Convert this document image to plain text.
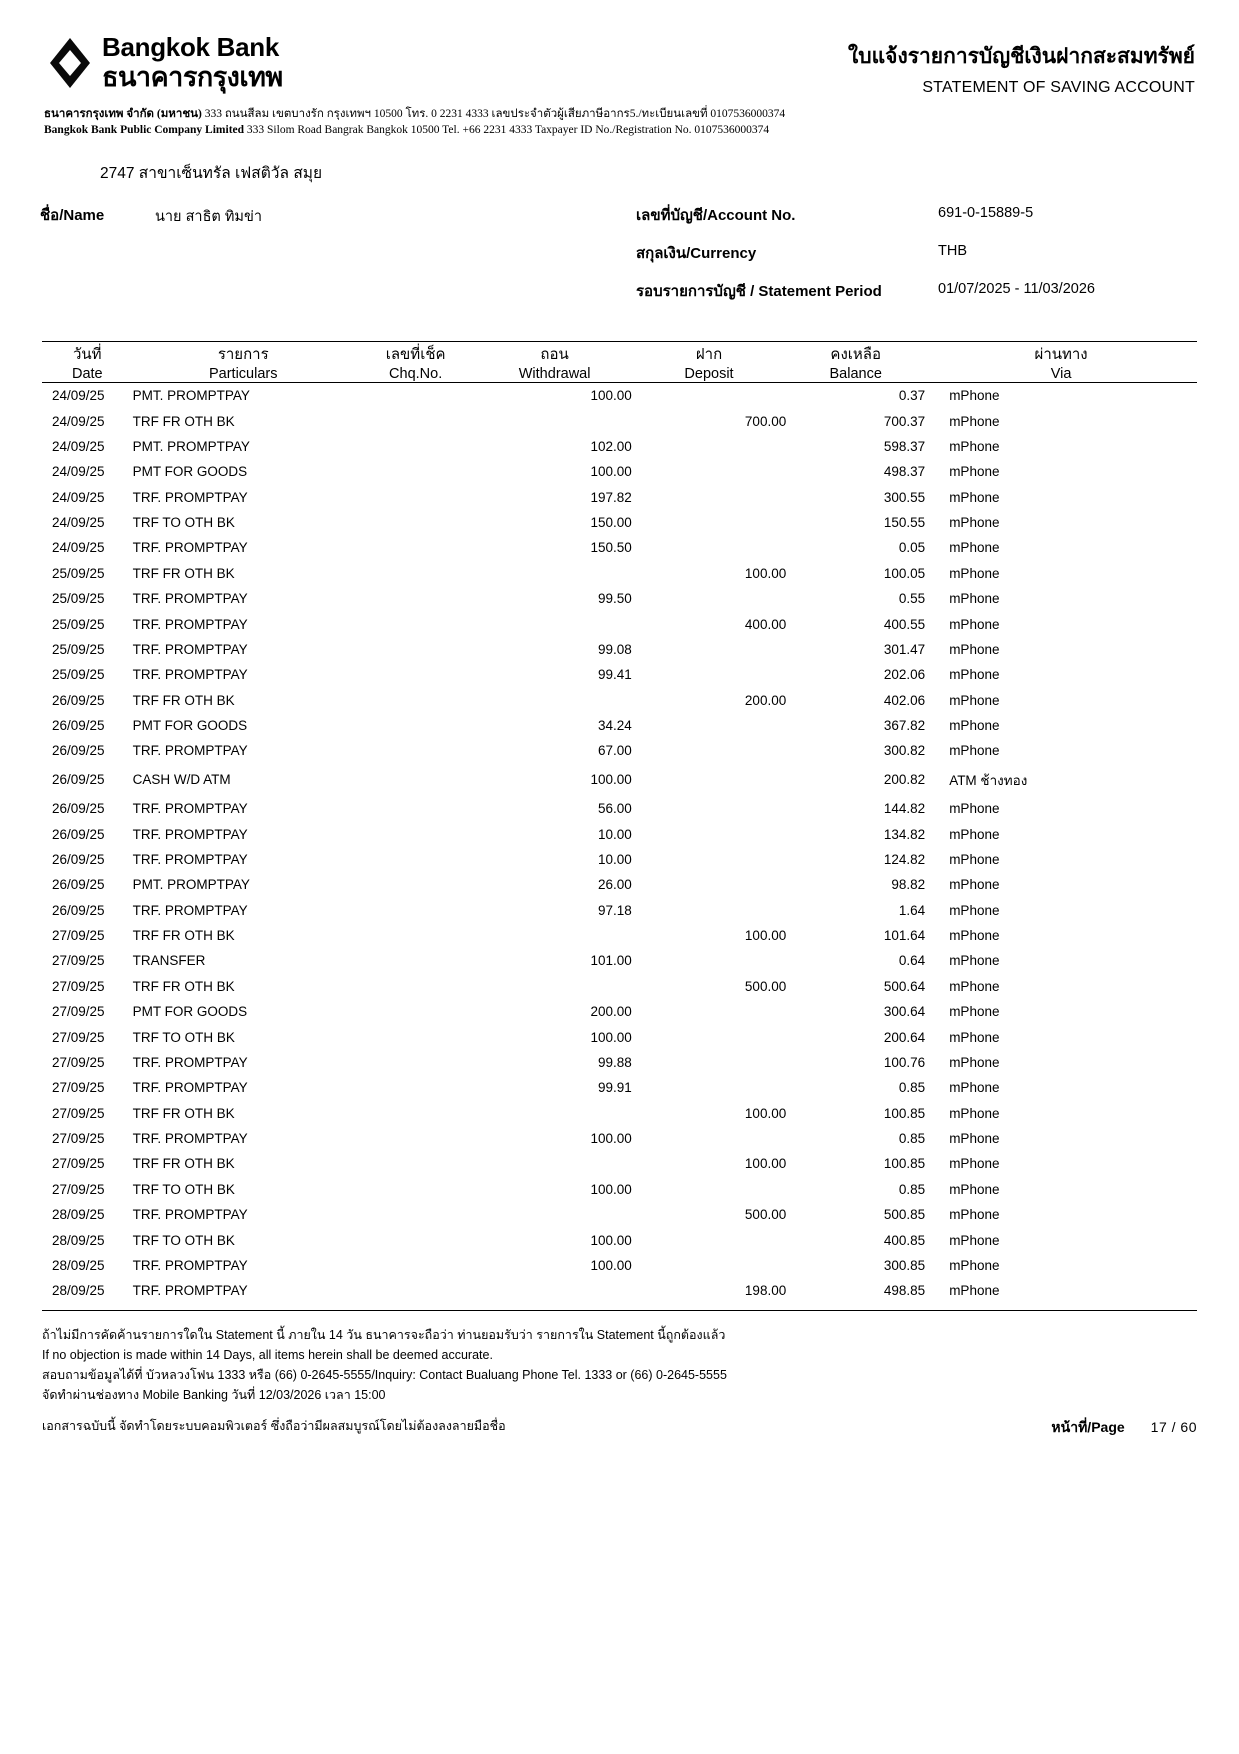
Bangkok Bank
ธนาคารกรุงเทพ
ใบแจ้งรายการบัญชีเงินฝากสะสมทรัพย์
STATEMENT OF SAVING ACCOUNT
ธนาคารกรุงเทพ จำกัด (มหาชน) 333 ถนนสีลม เขตบางรัก กรุงเทพฯ 10500 โทร. 0 2231 4333 เลขประจำตัวผู้เสียภาษีอากร5./ทะเบียนเลขที่ 0107536000374
Bangkok Bank Public Company Limited 333 Silom Road Bangrak Bangkok 10500 Tel. +66 2231 4333 Taxpayer ID No./Registration No. 0107536000374
2747 สาขาเซ็นทรัล เฟสติวัล สมุย
ชื่อ/Name	นาย สาธิต ทิมข่า	เลขที่บัญชี/Account No.	691-0-15889-5
สกุลเงิน/Currency	THB
รอบรายการบัญชี / Statement Period	01/07/2025 - 11/03/2026

วันที่	รายการ	เลขที่เช็ค	ถอน	ฝาก	คงเหลือ	ผ่านทาง
Date	Particulars	Chq.No.	Withdrawal	Deposit	Balance	Via

24/09/25	PMT. PROMPTPAY		100.00		0.37	mPhone
24/09/25	TRF FR OTH BK			700.00	700.37	mPhone
24/09/25	PMT. PROMPTPAY		102.00		598.37	mPhone
24/09/25	PMT FOR GOODS		100.00		498.37	mPhone
24/09/25	TRF. PROMPTPAY		197.82		300.55	mPhone
24/09/25	TRF TO OTH BK		150.00		150.55	mPhone
24/09/25	TRF. PROMPTPAY		150.50		0.05	mPhone
25/09/25	TRF FR OTH BK			100.00	100.05	mPhone
25/09/25	TRF. PROMPTPAY		99.50		0.55	mPhone
25/09/25	TRF. PROMPTPAY			400.00	400.55	mPhone
25/09/25	TRF. PROMPTPAY		99.08		301.47	mPhone
25/09/25	TRF. PROMPTPAY		99.41		202.06	mPhone
26/09/25	TRF FR OTH BK			200.00	402.06	mPhone
26/09/25	PMT FOR GOODS		34.24		367.82	mPhone
26/09/25	TRF. PROMPTPAY		67.00		300.82	mPhone
26/09/25	CASH W/D ATM		100.00		200.82	ATM ช้างทอง
26/09/25	TRF. PROMPTPAY		56.00		144.82	mPhone
26/09/25	TRF. PROMPTPAY		10.00		134.82	mPhone
26/09/25	TRF. PROMPTPAY		10.00		124.82	mPhone
26/09/25	PMT. PROMPTPAY		26.00		98.82	mPhone
26/09/25	TRF. PROMPTPAY		97.18		1.64	mPhone
27/09/25	TRF FR OTH BK			100.00	101.64	mPhone
27/09/25	TRANSFER		101.00		0.64	mPhone
27/09/25	TRF FR OTH BK			500.00	500.64	mPhone
27/09/25	PMT FOR GOODS		200.00		300.64	mPhone
27/09/25	TRF TO OTH BK		100.00		200.64	mPhone
27/09/25	TRF. PROMPTPAY		99.88		100.76	mPhone
27/09/25	TRF. PROMPTPAY		99.91		0.85	mPhone
27/09/25	TRF FR OTH BK			100.00	100.85	mPhone
27/09/25	TRF. PROMPTPAY		100.00		0.85	mPhone
27/09/25	TRF FR OTH BK			100.00	100.85	mPhone
27/09/25	TRF TO OTH BK		100.00		0.85	mPhone
28/09/25	TRF. PROMPTPAY			500.00	500.85	mPhone
28/09/25	TRF TO OTH BK		100.00		400.85	mPhone
28/09/25	TRF. PROMPTPAY		100.00		300.85	mPhone
28/09/25	TRF. PROMPTPAY			198.00	498.85	mPhone
ถ้าไม่มีการคัดค้านรายการใดใน Statement นี้ ภายใน 14 วัน ธนาคารจะถือว่า ท่านยอมรับว่า รายการใน Statement นี้ถูกต้องแล้ว
If no objection is made within 14 Days, all items herein shall be deemed accurate.
สอบถามข้อมูลได้ที่ บัวหลวงโฟน 1333 หรือ (66) 0-2645-5555/Inquiry: Contact Bualuang Phone Tel. 1333 or (66) 0-2645-5555
จัดทำผ่านช่องทาง Mobile Banking วันที่ 12/03/2026 เวลา 15:00
เอกสารฉบับนี้ จัดทำโดยระบบคอมพิวเตอร์ ซึ่งถือว่ามีผลสมบูรณ์โดยไม่ต้องลงลายมือชื่อ	หน้าที่/Page 17 / 60
